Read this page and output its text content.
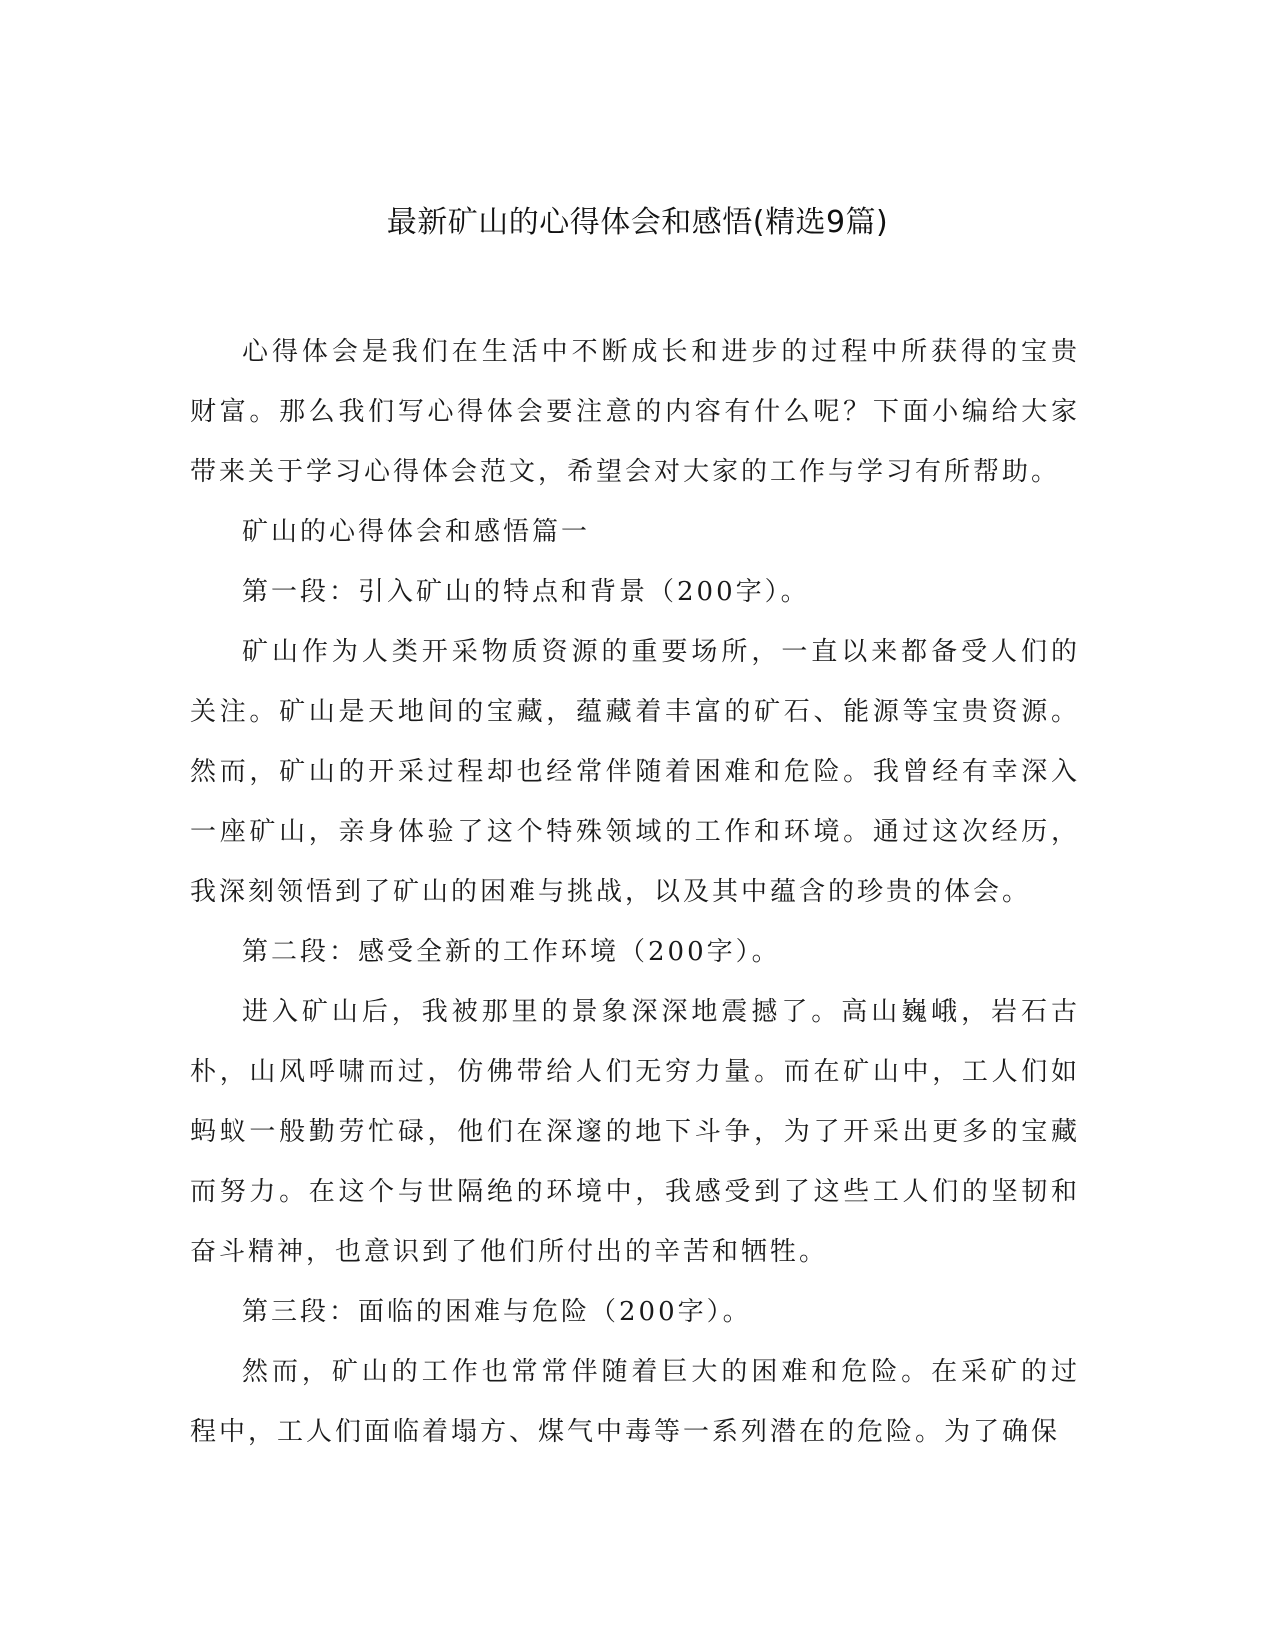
最新矿山的心得体会和感悟(精选9篇)

心得体会是我们在生活中不断成长和进步的过程中所获得的宝贵财富。那么我们写心得体会要注意的内容有什么呢？下面小编给大家带来关于学习心得体会范文，希望会对大家的工作与学习有所帮助。

矿山的心得体会和感悟篇一

第一段：引入矿山的特点和背景（200字）。

矿山作为人类开采物质资源的重要场所，一直以来都备受人们的关注。矿山是天地间的宝藏，蕴藏着丰富的矿石、能源等宝贵资源。然而，矿山的开采过程却也经常伴随着困难和危险。我曾经有幸深入一座矿山，亲身体验了这个特殊领域的工作和环境。通过这次经历，我深刻领悟到了矿山的困难与挑战，以及其中蕴含的珍贵的体会。

第二段：感受全新的工作环境（200字）。

进入矿山后，我被那里的景象深深地震撼了。高山巍峨，岩石古朴，山风呼啸而过，仿佛带给人们无穷力量。而在矿山中，工人们如蚂蚁一般勤劳忙碌，他们在深邃的地下斗争，为了开采出更多的宝藏而努力。在这个与世隔绝的环境中，我感受到了这些工人们的坚韧和奋斗精神，也意识到了他们所付出的辛苦和牺牲。

第三段：面临的困难与危险（200字）。

然而，矿山的工作也常常伴随着巨大的困难和危险。在采矿的过程中，工人们面临着塌方、煤气中毒等一系列潜在的危险。为了确保
